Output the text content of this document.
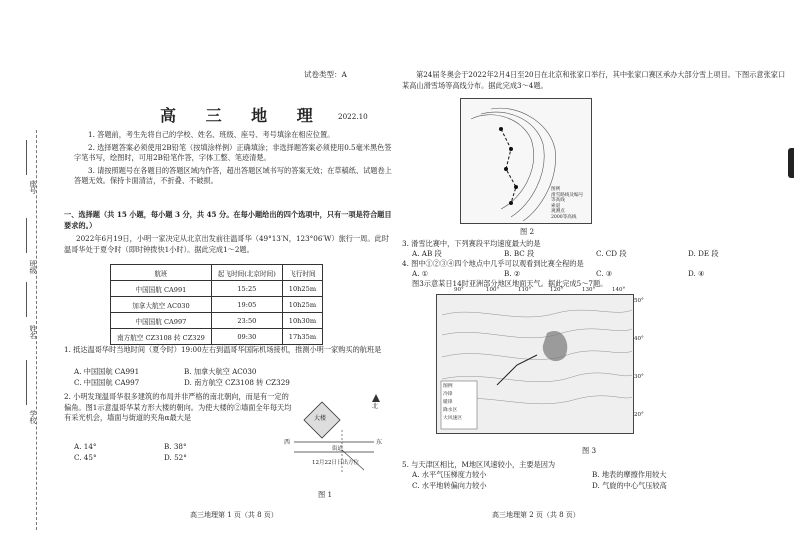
座号
班级
姓名
学校
试卷类型：A
高 三 地 理 2022.10
1. 答题前，考生先将自己的学校、姓名、班级、座号、考号填涂在相应位置。
2. 选择题答案必须使用2B铅笔（按填涂样例）正确填涂；非选择题答案必须使用0.5毫米黑色签字笔书写，绘图时，可用2B铅笔作答，字体工整、笔迹清楚。
3. 请按照题号在各题目的答题区域内作答，超出答题区域书写的答案无效；在草稿纸、试题卷上答题无效。保持卡面清洁，不折叠、不破损。
一、选择题（共 15 小题，每小题 3 分，共 45 分。在每小题给出的四个选项中，只有一项是符合题目要求的。）
2022年6月19日，小明一家决定从北京出发前往温哥华（49°13′N，123°06′W）旅行一周。此时温哥华处于夏令时（即时钟拨快1小时）。据此完成1～2题。
航班	起飞时间(北京时间)	飞行时间
中国国航 CA991	15:25	10h25m
加拿大航空 AC030	19:05	10h25m
中国国航 CA997	23:50	10h30m
南方航空 CZ3108 转 CZ329	09:30	17h35m
1. 抵达温哥华时当地时间（夏令时）19:00左右到温哥华国际机场接机，推测小明一家购买的航班是
A. 中国国航 CA991	B. 加拿大航空 AC030
C. 中国国航 CA997	D. 南方航空 CZ3108 转 CZ329
2. 小明发现温哥华很多建筑的布局并非严格的南北朝向，而是有一定的偏角。图1示意温哥华某方形大楼的朝向。为使大楼的②墙面全年每天均有采光机会，墙面与街道的夹角α最大是
A. 14°	B. 38°
C. 45°	D. 52°
大楼
街道
西	东
北
12月22日日出方位
图 1
高三地理第 1 页（共 8 页）
第24届冬奥会于2022年2月4日至20日在北京和张家口举行，其中张家口赛区承办大部分雪上项目。下图示意张家口某高山滑雪场等高线分布。据此完成3～4题。
图例
滑雪路线及编号
等高线
索道
观测点
2000等高线
图 2
3. 滑雪比赛中，下列赛段平均速度最大的是
A. AB 段	B. BC 段	C. CD 段	D. DE 段
4. 图中①②③④四个地点中几乎可以观看到比赛全程的是
A. ①	B. ②	C. ③	D. ④
图3示意某日14时亚洲部分地区地面天气。据此完成5～7题。
图例
冷锋
暖锋
降水区
大风速区
50°
40°
30°
20°
90°	100°	110°	120°	130°	140°
图 3
5. 与天津区相比，M地区风速较小，主要是因为
A. 水平气压梯度力较小	B. 地表的摩擦作用较大
C. 水平地转偏向力较小	D. 气旋的中心气压较高
高三地理第 2 页（共 8 页）
